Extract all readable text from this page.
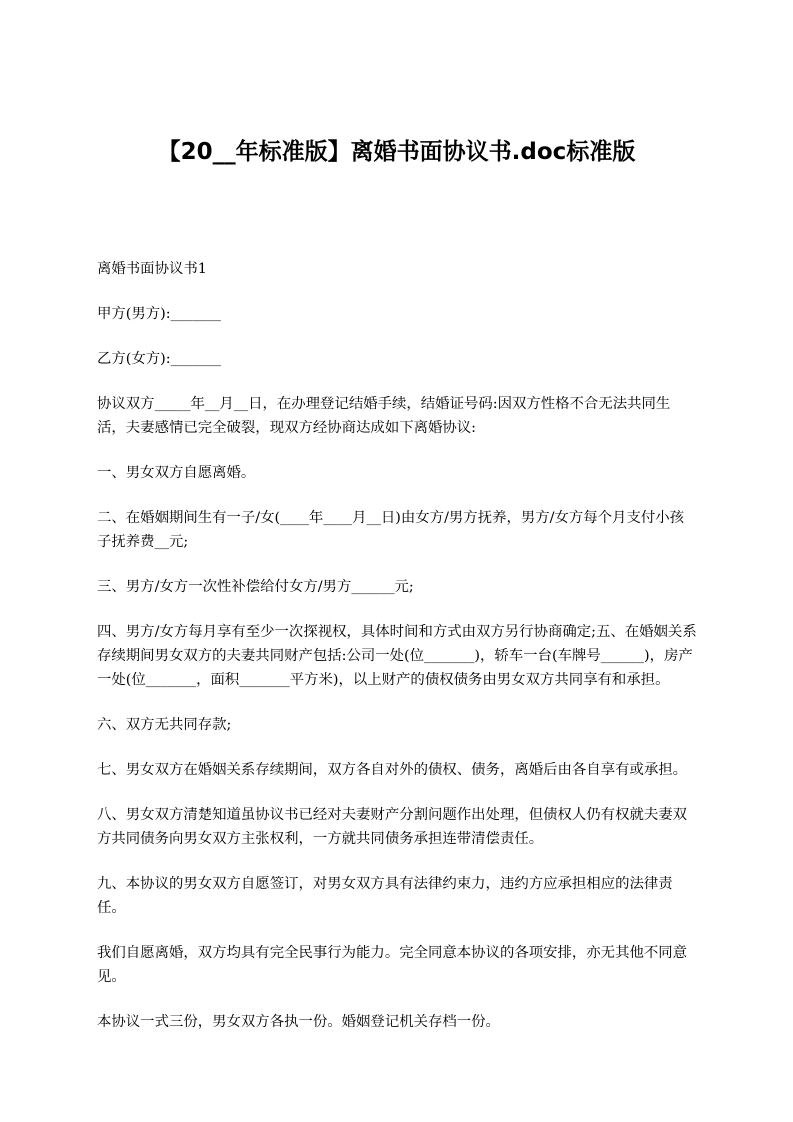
【20__年标准版】离婚书面协议书.doc标准版

离婚书面协议书1

甲方(男方):_______

乙方(女方):_______

协议双方_____年__月__日，在办理登记结婚手续，结婚证号码:因双方性格不合无法共同生活，夫妻感情已完全破裂，现双方经协商达成如下离婚协议:

一、男女双方自愿离婚。

二、在婚姻期间生有一子/女(____年____月__日)由女方/男方抚养，男方/女方每个月支付小孩子抚养费__元;

三、男方/女方一次性补偿给付女方/男方______元;

四、男方/女方每月享有至少一次探视权，具体时间和方式由双方另行协商确定;五、在婚姻关系存续期间男女双方的夫妻共同财产包括:公司一处(位_______)，轿车一台(车牌号______)，房产一处(位_______，面积_______平方米)，以上财产的债权债务由男女双方共同享有和承担。

六、双方无共同存款;

七、男女双方在婚姻关系存续期间，双方各自对外的债权、债务，离婚后由各自享有或承担。

八、男女双方清楚知道虽协议书已经对夫妻财产分割问题作出处理，但债权人仍有权就夫妻双方共同债务向男女双方主张权利，一方就共同债务承担连带清偿责任。

九、本协议的男女双方自愿签订，对男女双方具有法律约束力，违约方应承担相应的法律责任。

我们自愿离婚，双方均具有完全民事行为能力。完全同意本协议的各项安排，亦无其他不同意见。

本协议一式三份，男女双方各执一份。婚姻登记机关存档一份。
